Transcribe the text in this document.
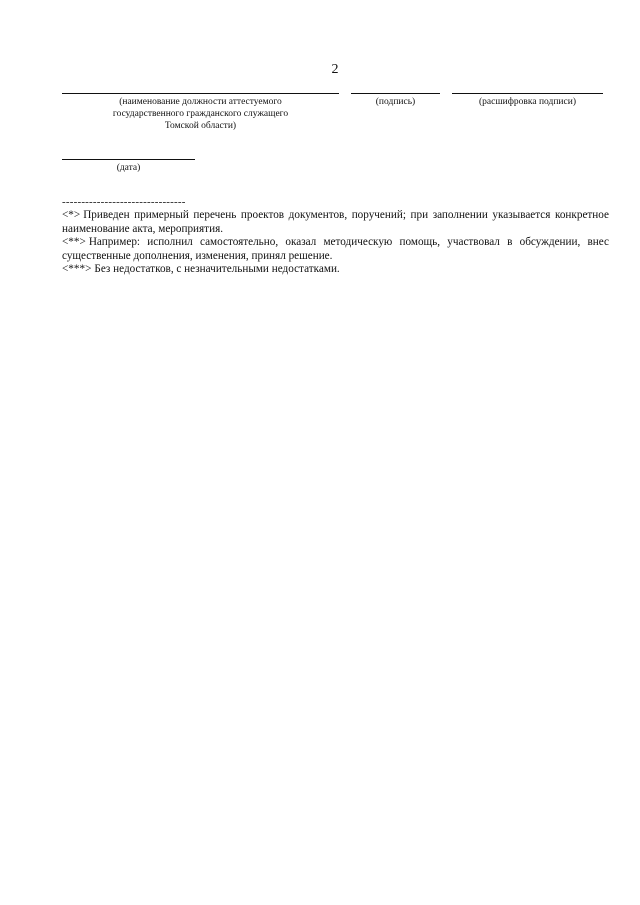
2
(наименование должности аттестуемого
государственного гражданского служащего
Томской области)
(подпись)	(расшифровка подписи)
(дата)
--------------------------------

<*> Приведен примерный перечень проектов документов, поручений; при заполнении указывается конкретное наименование акта, мероприятия.

<**> Например: исполнил самостоятельно, оказал методическую помощь, участвовал в обсуждении, внес существенные дополнения, изменения, принял решение.

<***> Без недостатков, с незначительными недостатками.
